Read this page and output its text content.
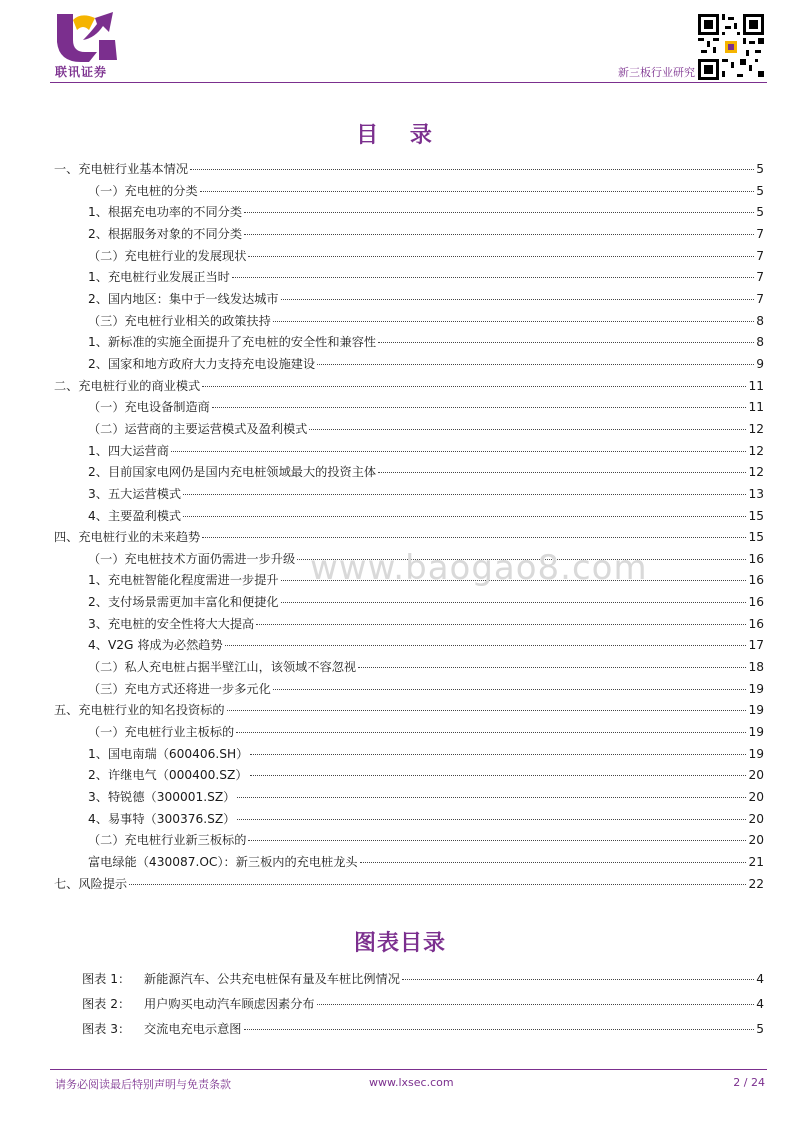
联讯证券	新三板行业研究
目 录
一、充电桩行业基本情况	5
（一）充电桩的分类	5
1、根据充电功率的不同分类	5
2、根据服务对象的不同分类	7
（二）充电桩行业的发展现状	7
1、充电桩行业发展正当时	7
2、国内地区：集中于一线发达城市	7
（三）充电桩行业相关的政策扶持	8
1、新标准的实施全面提升了充电桩的安全性和兼容性	8
2、国家和地方政府大力支持充电设施建设	9
二、充电桩行业的商业模式	11
（一）充电设备制造商	11
（二）运营商的主要运营模式及盈利模式	12
1、四大运营商	12
2、目前国家电网仍是国内充电桩领域最大的投资主体	12
3、五大运营模式	13
4、主要盈利模式	15
四、充电桩行业的未来趋势	15
（一）充电桩技术方面仍需进一步升级	16
1、充电桩智能化程度需进一步提升	16
2、支付场景需更加丰富化和便捷化	16
3、充电桩的安全性将大大提高	16
4、V2G 将成为必然趋势	17
（二）私人充电桩占据半壁江山，该领域不容忽视	18
（三）充电方式还将进一步多元化	19
五、充电桩行业的知名投资标的	19
（一）充电桩行业主板标的	19
1、国电南瑞（600406.SH）	19
2、许继电气（000400.SZ）	20
3、特锐德（300001.SZ）	20
4、易事特（300376.SZ）	20
（二）充电桩行业新三板标的	20
富电绿能（430087.OC）：新三板内的充电桩龙头	21
七、风险提示	22
www.baogao8.com
图表目录
图表 1：	新能源汽车、公共充电桩保有量及车桩比例情况	4
图表 2：	用户购买电动汽车顾虑因素分布	4
图表 3：	交流电充电示意图	5
请务必阅读最后特别声明与免责条款	www.lxsec.com	2 / 24
